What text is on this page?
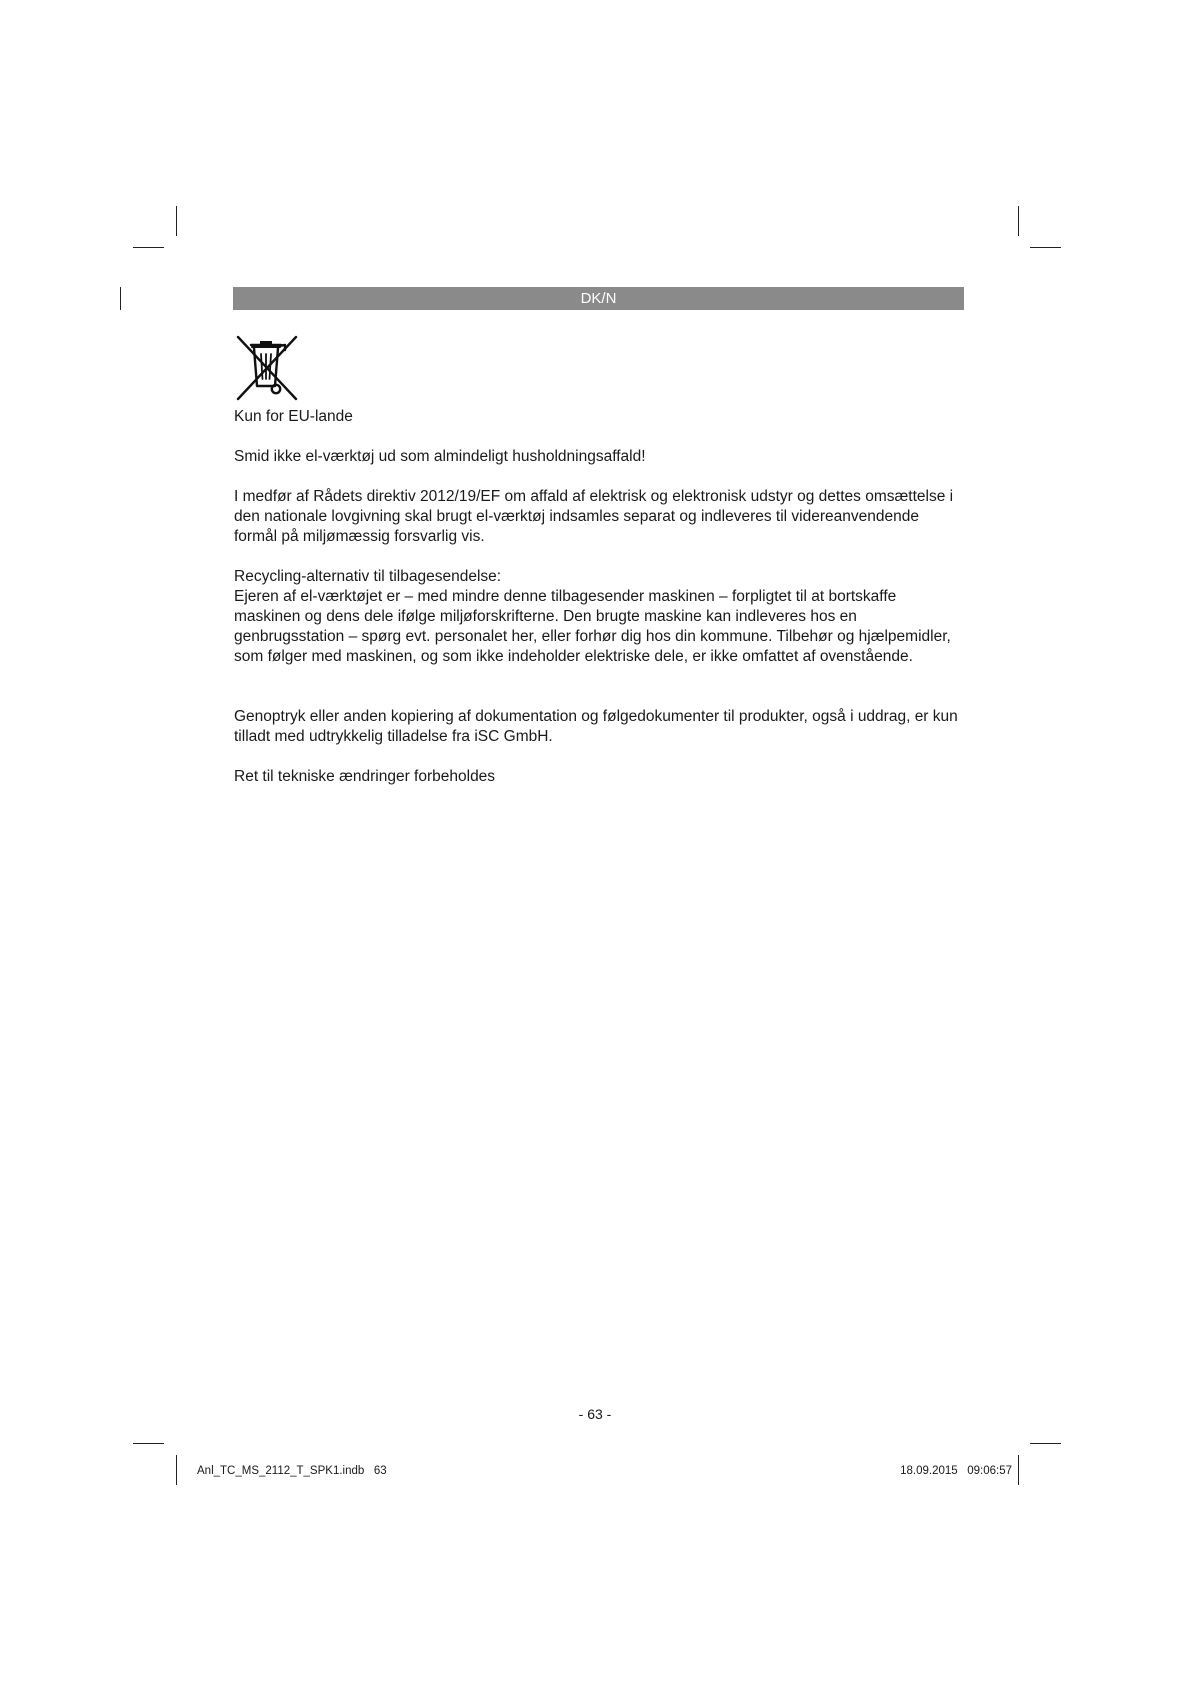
DK/N

Kun for EU-lande

Smid ikke el-værktøj ud som almindeligt husholdningsaffald!

I medfør af Rådets direktiv 2012/19/EF om affald af elektrisk og elektronisk udstyr og dettes omsættelse i den nationale lovgivning skal brugt el-værktøj indsamles separat og indleveres til videreanvendende formål på miljømæssig forsvarlig vis.

Recycling-alternativ til tilbagesendelse:

Ejeren af el-værktøjet er – med mindre denne tilbagesender maskinen – forpligtet til at bortskaffe maskinen og dens dele ifølge miljøforskrifterne. Den brugte maskine kan indleveres hos en genbrugsstation – spørg evt. personalet her, eller forhør dig hos din kommune. Tilbehør og hjælpemidler, som følger med maskinen, og som ikke indeholder elektriske dele, er ikke omfattet af ovenstående.

Genoptryk eller anden kopiering af dokumentation og følgedokumenter til produkter, også i uddrag, er kun tilladt med udtrykkelig tilladelse fra iSC GmbH.

Ret til tekniske ændringer forbeholdes

- 63 -
Anl_TC_MS_2112_T_SPK1.indb   63	18.09.2015   09:06:57
